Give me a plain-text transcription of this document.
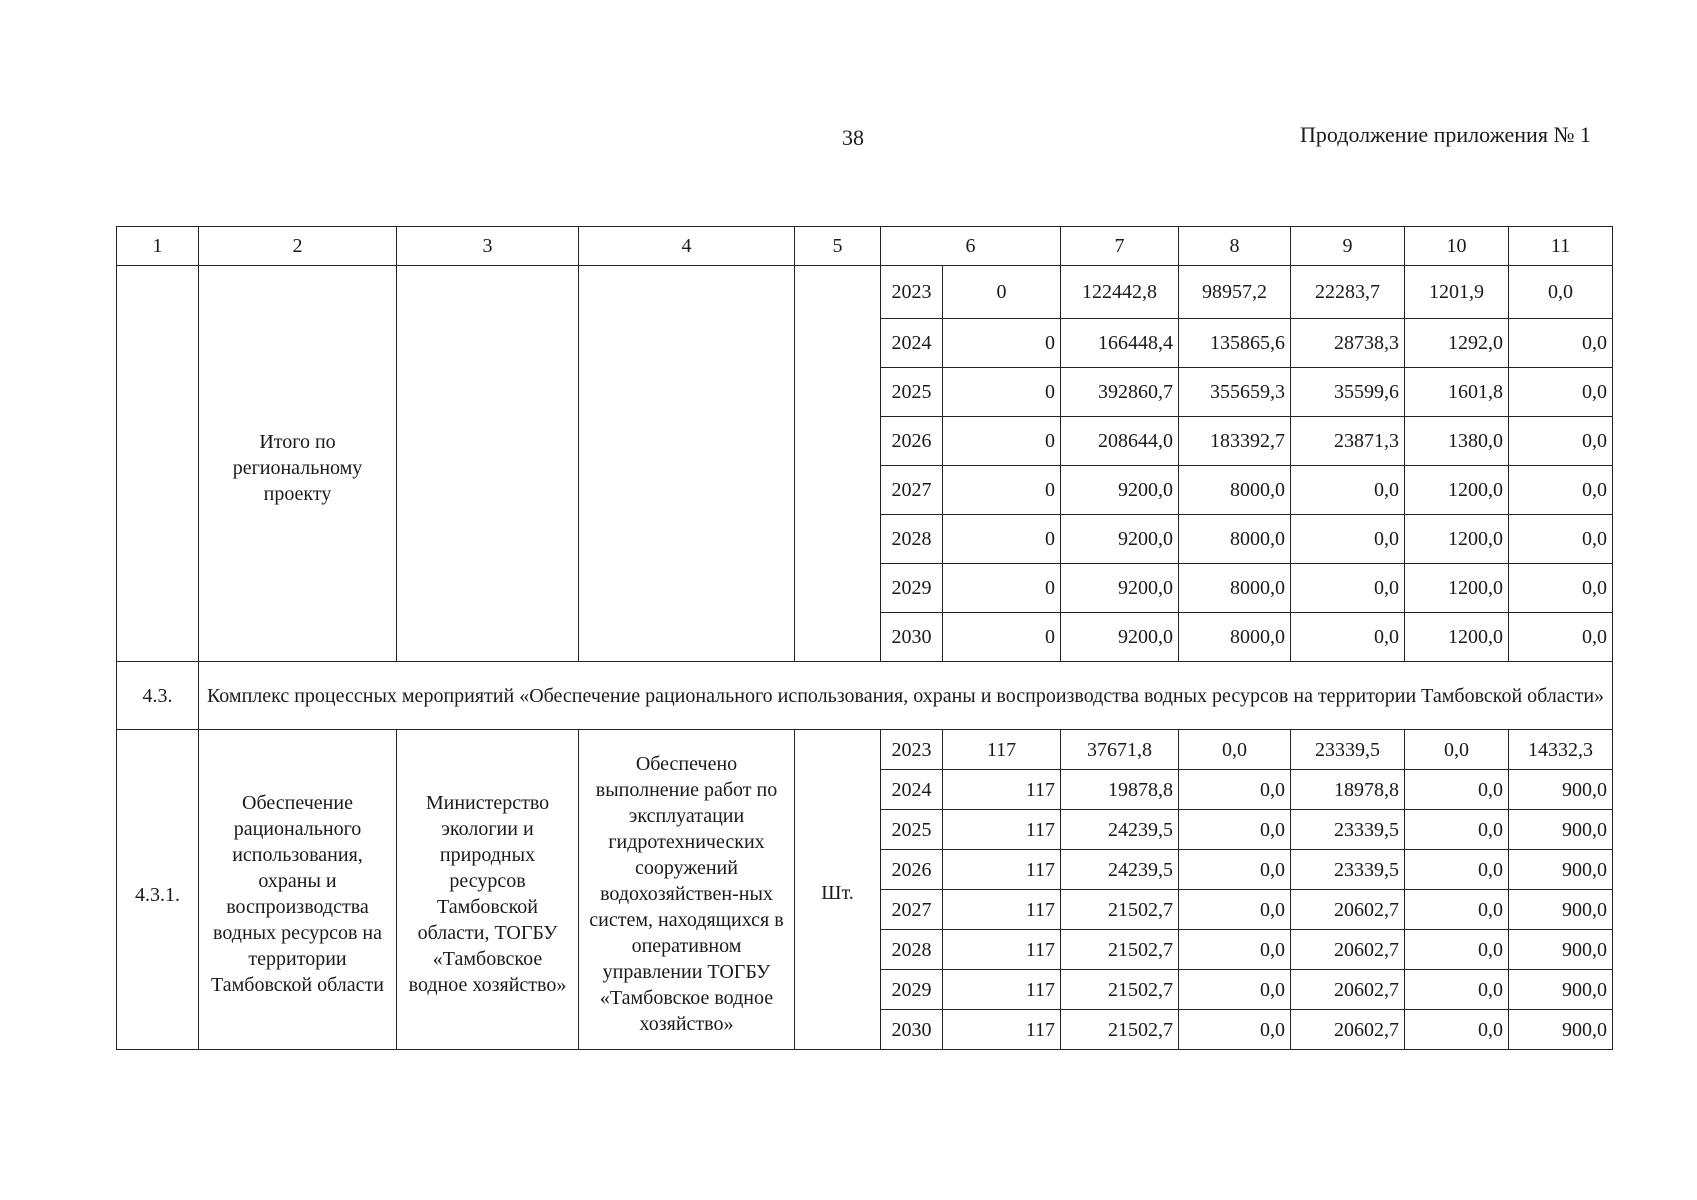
38	Продолжение приложения № 1
1	2	3	4	5	6		7	8	9	10	11
	Итого по региональному проекту				2023	0	122442,8	98957,2	22283,7	1201,9	0,0
					2024	0	166448,4	135865,6	28738,3	1292,0	0,0
					2025	0	392860,7	355659,3	35599,6	1601,8	0,0
					2026	0	208644,0	183392,7	23871,3	1380,0	0,0
					2027	0	9200,0	8000,0	0,0	1200,0	0,0
					2028	0	9200,0	8000,0	0,0	1200,0	0,0
					2029	0	9200,0	8000,0	0,0	1200,0	0,0
					2030	0	9200,0	8000,0	0,0	1200,0	0,0
4.3.	Комплекс процессных мероприятий «Обеспечение рационального использования, охраны и воспроизводства водных ресурсов на территории Тамбовской области»										
4.3.1.	Обеспечение рационального использования, охраны и воспроизводства водных ресурсов на территории Тамбовской области	Министерство экологии и природных ресурсов Тамбовской области, ТОГБУ «Тамбовское водное хозяйство»	Обеспечено выполнение работ по эксплуатации гидротехнических сооружений водохозяйствен-ных систем, находящихся в оперативном управлении ТОГБУ «Тамбовское водное хозяйство»	Шт.	2023	117	37671,8	0,0	23339,5	0,0	14332,3
					2024	117	19878,8	0,0	18978,8	0,0	900,0
					2025	117	24239,5	0,0	23339,5	0,0	900,0
					2026	117	24239,5	0,0	23339,5	0,0	900,0
					2027	117	21502,7	0,0	20602,7	0,0	900,0
					2028	117	21502,7	0,0	20602,7	0,0	900,0
					2029	117	21502,7	0,0	20602,7	0,0	900,0
					2030	117	21502,7	0,0	20602,7	0,0	900,0
